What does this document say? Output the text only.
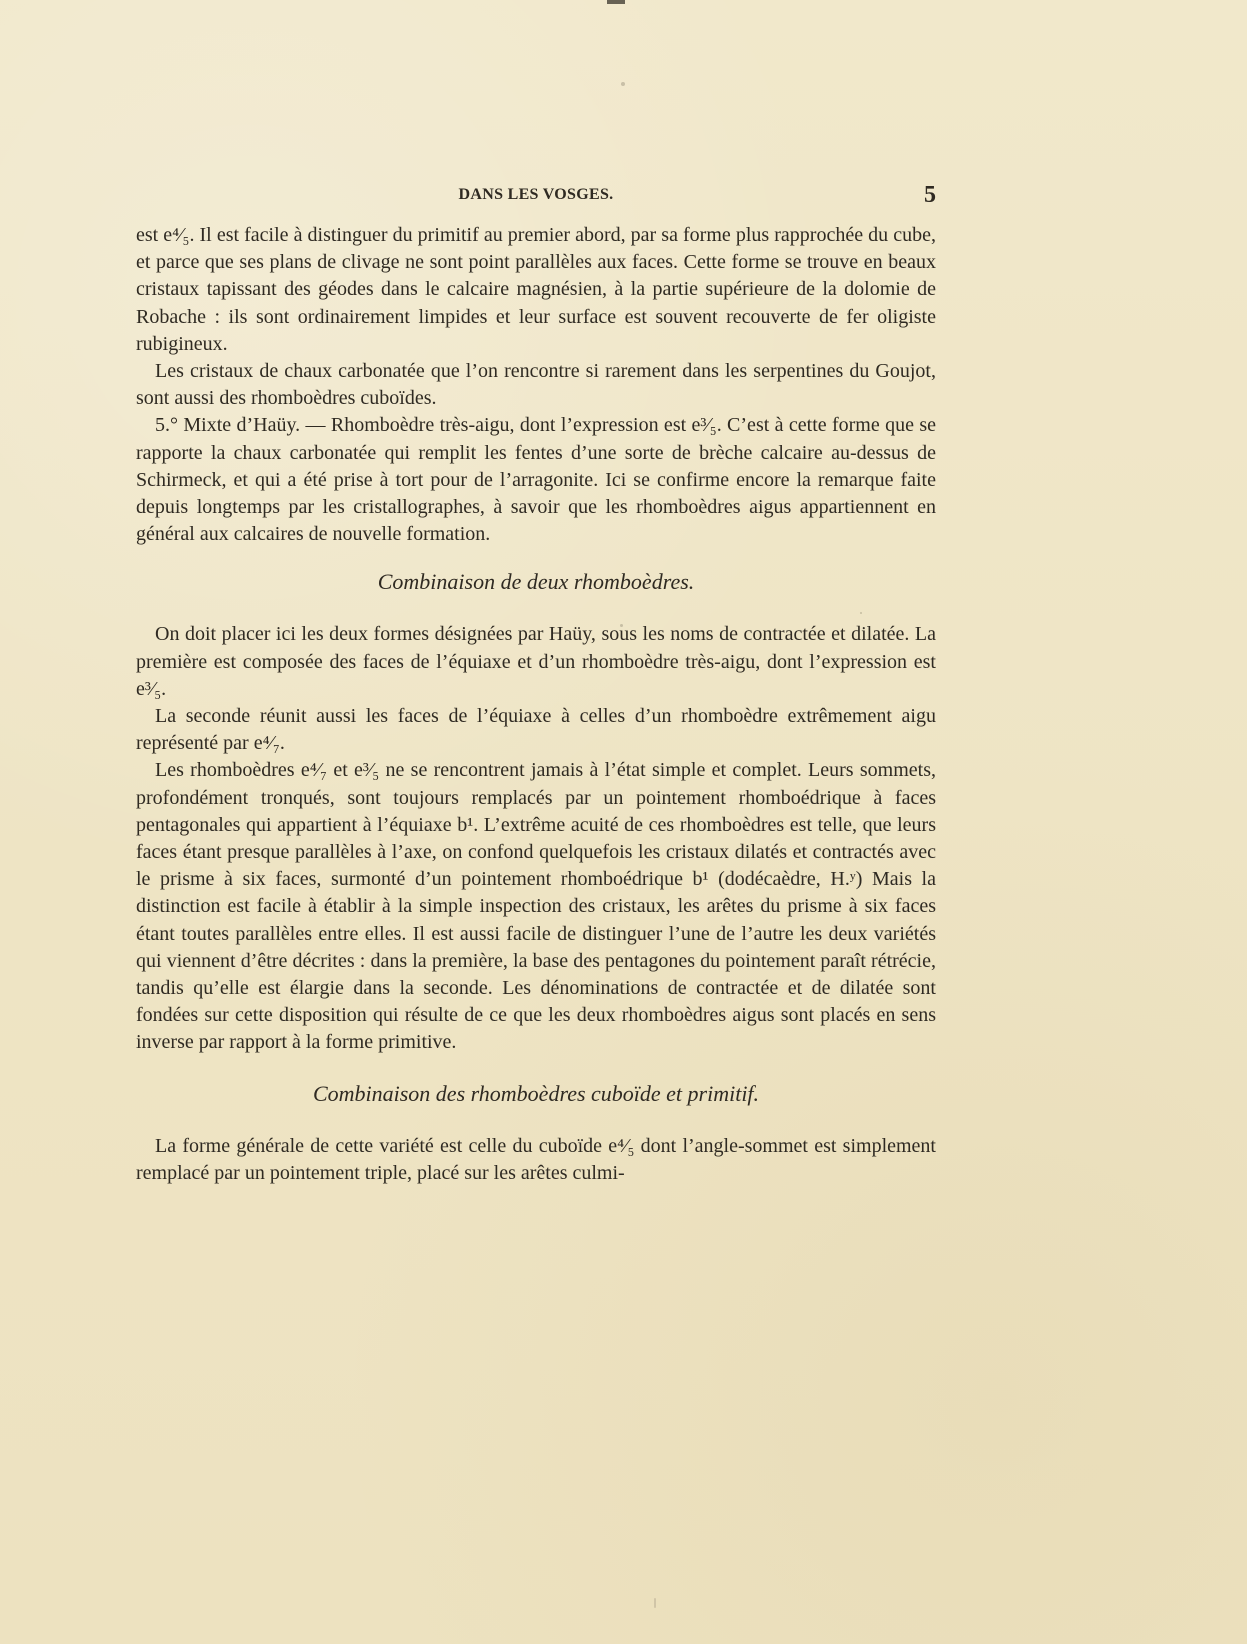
DANS LES VOSGES.	5

est e⁴⁄₅. Il est facile à distinguer du primitif au premier abord, par sa forme plus rapprochée du cube, et parce que ses plans de clivage ne sont point parallèles aux faces. Cette forme se trouve en beaux cristaux tapissant des géodes dans le calcaire magnésien, à la partie supérieure de la dolomie de Robache : ils sont ordinairement limpides et leur surface est souvent recouverte de fer oligiste rubigineux.

Les cristaux de chaux carbonatée que l’on rencontre si rarement dans les serpentines du Goujot, sont aussi des rhomboèdres cuboïdes.

5.° Mixte d’Haüy. — Rhomboèdre très-aigu, dont l’expression est e³⁄₅. C’est à cette forme que se rapporte la chaux carbonatée qui remplit les fentes d’une sorte de brèche calcaire au-dessus de Schirmeck, et qui a été prise à tort pour de l’arragonite. Ici se confirme encore la remarque faite depuis longtemps par les cristallographes, à savoir que les rhomboèdres aigus appartiennent en général aux calcaires de nouvelle formation.

Combinaison de deux rhomboèdres.

On doit placer ici les deux formes désignées par Haüy, sous les noms de contractée et dilatée. La première est composée des faces de l’équiaxe et d’un rhomboèdre très-aigu, dont l’expression est e³⁄₅.

La seconde réunit aussi les faces de l’équiaxe à celles d’un rhomboèdre extrêmement aigu représenté par e⁴⁄₇.

Les rhomboèdres e⁴⁄₇ et e³⁄₅ ne se rencontrent jamais à l’état simple et complet. Leurs sommets, profondément tronqués, sont toujours remplacés par un pointement rhomboédrique à faces pentagonales qui appartient à l’équiaxe b¹. L’extrême acuité de ces rhomboèdres est telle, que leurs faces étant presque parallèles à l’axe, on confond quelquefois les cristaux dilatés et contractés avec le prisme à six faces, surmonté d’un pointement rhomboédrique b¹ (dodécaèdre, H.ʸ) Mais la distinction est facile à établir à la simple inspection des cristaux, les arêtes du prisme à six faces étant toutes parallèles entre elles. Il est aussi facile de distinguer l’une de l’autre les deux variétés qui viennent d’être décrites : dans la première, la base des pentagones du pointement paraît rétrécie, tandis qu’elle est élargie dans la seconde. Les dénominations de contractée et de dilatée sont fondées sur cette disposition qui résulte de ce que les deux rhomboèdres aigus sont placés en sens inverse par rapport à la forme primitive.

Combinaison des rhomboèdres cuboïde et primitif.

La forme générale de cette variété est celle du cuboïde e⁴⁄₅ dont l’angle-sommet est simplement remplacé par un pointement triple, placé sur les arêtes culmi-
